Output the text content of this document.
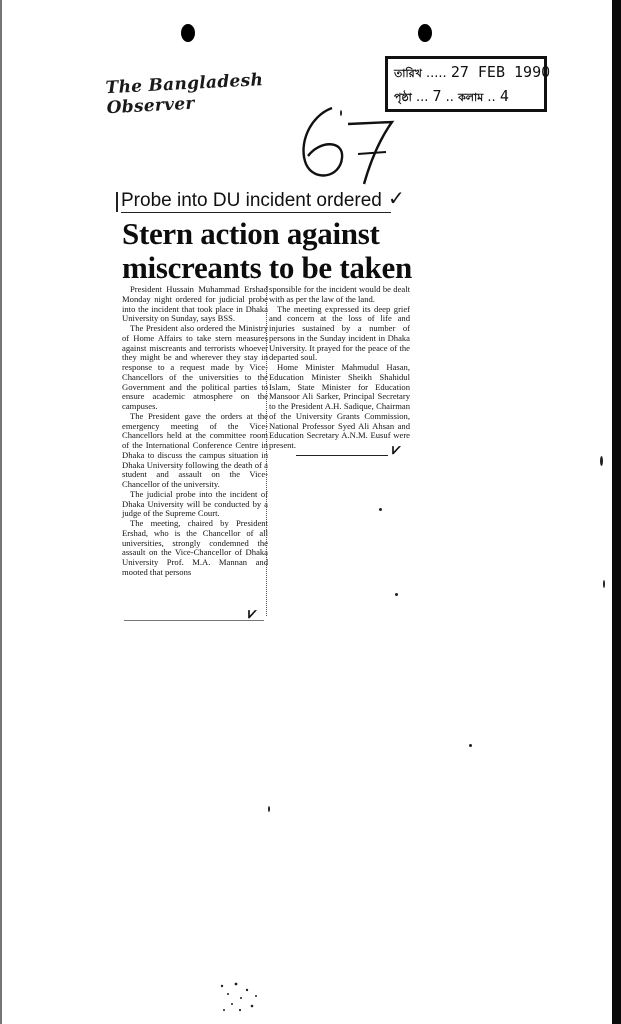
The Bangladesh Observer
তারিখ ..... 27 FEB 1990
পৃষ্ঠা ... 7 .. কলাম .. 4
Probe into DU incident ordered ✓
Stern action against
miscreants to be taken

President Hussain Muhammad Ershad Monday night ordered for judicial probe into the incident that took place in Dhaka University on Sunday, says BSS.

The President also ordered the Ministry of Home Affairs to take stern measures against miscreants and terrorists whoever they might be and wherever they stay in response to a request made by Vice-Chancellors of the universities to the Government and the political parties to ensure academic atmosphere on the campuses.

The President gave the orders at the emergency meeting of the Vice-Chancellors held at the committee room of the International Conference Centre in Dhaka to discuss the campus situation in Dhaka University following the death of a student and assault on the Vice-Chancellor of the university.

The judicial probe into the incident of Dhaka University will be conducted by a judge of the Supreme Court.

The meeting, chaired by President Ershad, who is the Chancellor of all universities, strongly condemned the assault on the Vice-Chancellor of Dhaka University Prof. M.A. Mannan and mooted that persons

sponsible for the incident would be dealt with as per the law of the land.

The meeting expressed its deep grief and concern at the loss of life and injuries sustained by a number of persons in the Sunday incident in Dhaka University. It prayed for the peace of the departed soul.

Home Minister Mahmudul Hasan, Education Minister Sheikh Shahidul Islam, State Minister for Education Mansoor Ali Sarker, Principal Secretary to the President A.H. Sadique, Chairman of the University Grants Commission, National Professor Syed Ali Ahsan and Education Secretary A.N.M. Eusuf were present.	⩗
⩗
